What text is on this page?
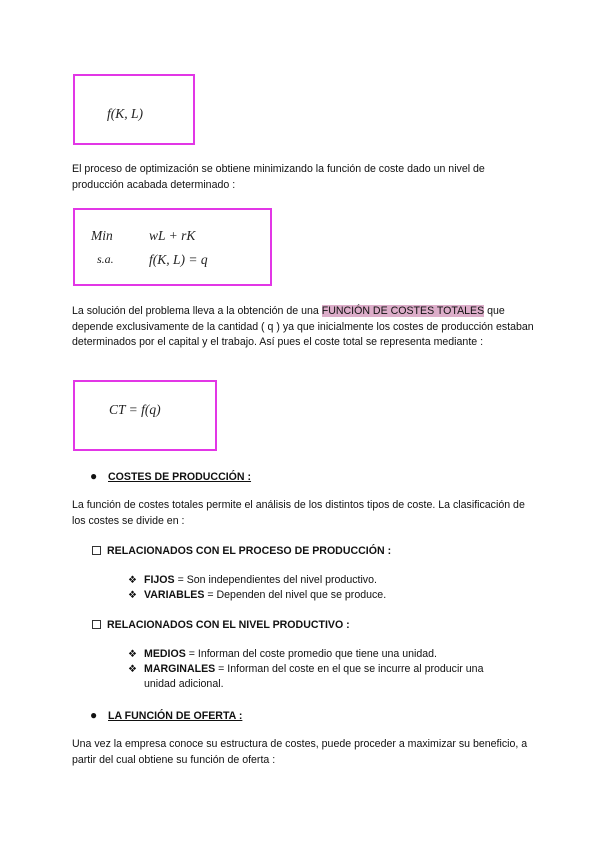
f(K, L)
El proceso de optimización se obtiene minimizando la función de coste dado un nivel de producción acabada determinado :
Min	wL + rK
s.a.	f(K, L) = q
La solución del problema lleva a la obtención de una FUNCIÓN DE COSTES TOTALES que depende exclusivamente de la cantidad ( q ) ya que inicialmente los costes de producción estaban determinados por el capital y el trabajo. Así pues el coste total se representa mediante :
CT = f(q)
● COSTES DE PRODUCCIÓN :
La función de costes totales permite el análisis de los distintos tipos de coste. La clasificación de los costes se divide en :
RELACIONADOS CON EL PROCESO DE PRODUCCIÓN :
❖ FIJOS = Son independientes del nivel productivo.
❖ VARIABLES = Dependen del nivel que se produce.
RELACIONADOS CON EL NIVEL PRODUCTIVO :
❖ MEDIOS = Informan del coste promedio que tiene una unidad.
❖ MARGINALES = Informan del coste en el que se incurre al producir una
unidad adicional.
● LA FUNCIÓN DE OFERTA :
Una vez la empresa conoce su estructura de costes, puede proceder a maximizar su beneficio, a partir del cual obtiene su función de oferta :
